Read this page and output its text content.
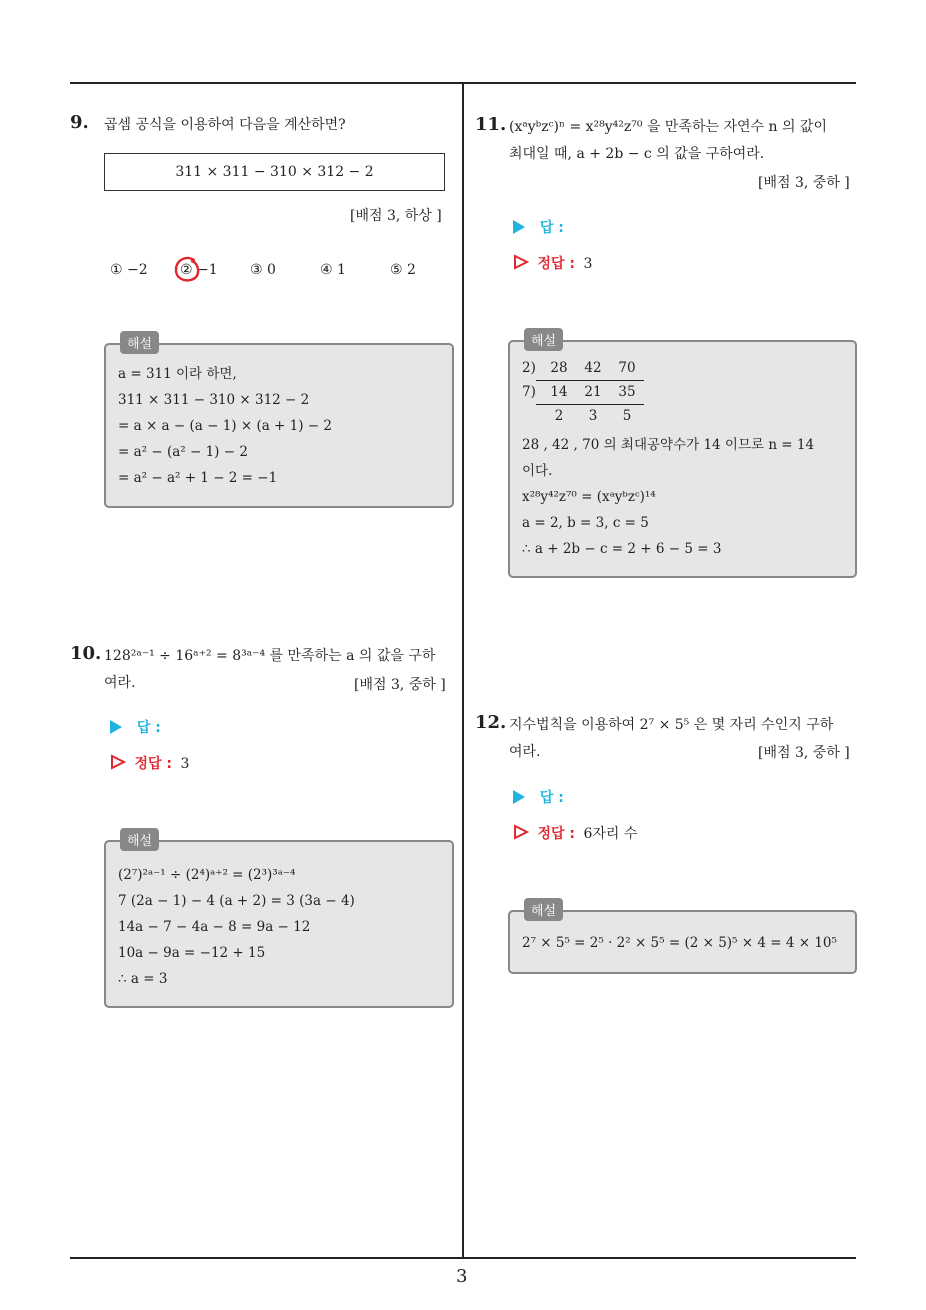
9. 곱셈 공식을 이용하여 다음을 계산하면?
311 × 311 − 310 × 312 − 2
[배점 3, 하상 ]
① −2 ② −1 ③ 0	④ 1	⑤ 2
a = 311 이라 하면,
311 × 311 − 310 × 312 − 2
= a × a − (a − 1) × (a + 1) − 2
= a² − (a² − 1) − 2
= a² − a² + 1 − 2 = −1
해설
10. 128²ᵃ⁻¹ ÷ 16ᵃ⁺² = 8³ᵃ⁻⁴ 를 만족하는 a 의 값을 구하
여라.	[배점 3, 중하 ]
답 :
정답 : 3
(2⁷)²ᵃ⁻¹ ÷ (2⁴)ᵃ⁺² = (2³)³ᵃ⁻⁴
7 (2a − 1) − 4 (a + 2) = 3 (3a − 4)
14a − 7 − 4a − 8 = 9a − 12
10a − 9a = −12 + 15
∴ a = 3
해설
11. (xᵃyᵇzᶜ)ⁿ = x²⁸y⁴²z⁷⁰ 을 만족하는 자연수 n 의 값이
최대일 때, a + 2b − c 의 값을 구하여라.
[배점 3, 중하 ]
답 :
정답 : 3
2) 28 42 70
7) 14 21 35
2 3 5
28 , 42 , 70 의 최대공약수가 14 이므로 n = 14
이다.
x²⁸y⁴²z⁷⁰ = (xᵃyᵇzᶜ)¹⁴
a = 2, b = 3, c = 5
∴ a + 2b − c = 2 + 6 − 5 = 3
해설
12. 지수법칙을 이용하여 2⁷ × 5⁵ 은 몇 자리 수인지 구하
여라.	[배점 3, 중하 ]
답 :
정답 : 6자리 수
2⁷ × 5⁵ = 2⁵ · 2² × 5⁵ = (2 × 5)⁵ × 4 = 4 × 10⁵
해설
3
